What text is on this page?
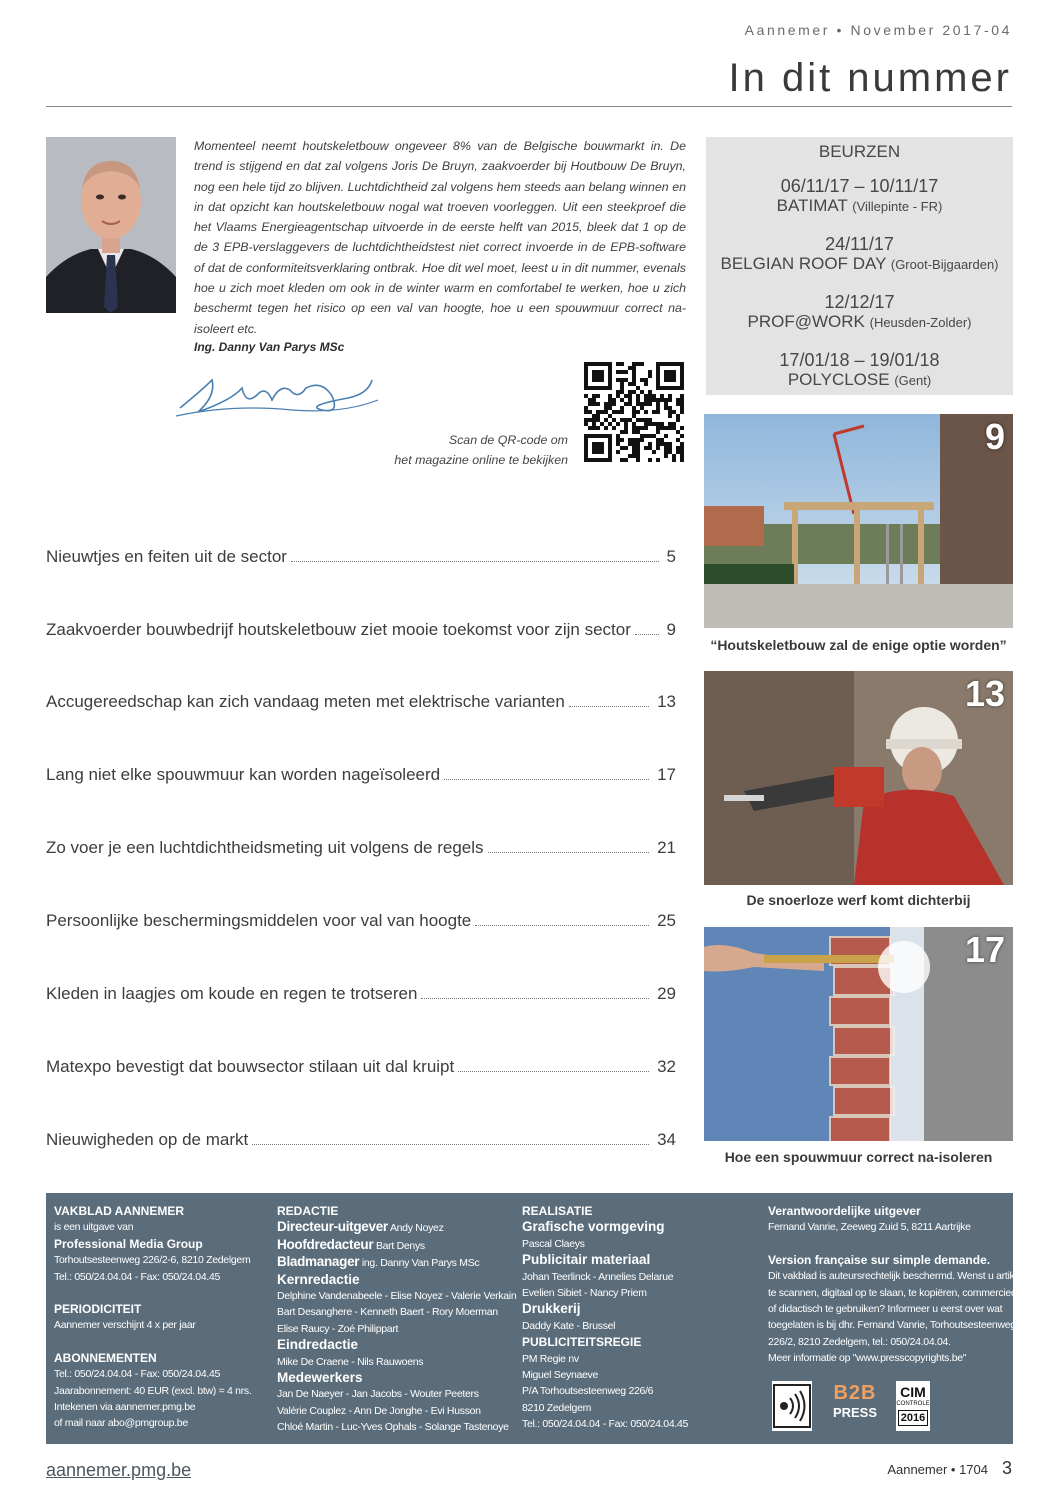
Aannemer • November 2017-04
In dit nummer
Momenteel neemt houtskeletbouw ongeveer 8% van de Belgische bouwmarkt in. De trend is stijgend en dat zal volgens Joris De Bruyn, zaakvoerder bij Houtbouw De Bruyn, nog een hele tijd zo blijven. Luchtdichtheid zal volgens hem steeds aan belang winnen en in dat opzicht kan houtskeletbouw nogal wat troeven voorleggen. Uit een steekproef die het Vlaams Energieagentschap uitvoerde in de eerste helft van 2015, bleek dat 1 op de de 3 EPB-verslaggevers de luchtdichtheidstest niet correct invoerde in de EPB-software of dat de conformiteitsverklaring ontbrak. Hoe dit wel moet, leest u in dit nummer, evenals hoe u zich moet kleden om ook in de winter warm en comfortabel te werken, hoe u zich beschermt tegen het risico op een val van hoogte, hoe u een spouwmuur correct na-isoleert etc.
Ing. Danny Van Parys MSc
Scan de QR-code om
het magazine online te bekijken
BEURZEN
06/11/17 – 10/11/17
BATIMAT (Villepinte - FR)
24/11/17
BELGIAN ROOF DAY (Groot-Bijgaarden)
12/12/17
PROF@WORK (Heusden-Zolder)
17/01/18 – 19/01/18
POLYCLOSE (Gent)
9
“Houtskeletbouw zal de enige optie worden”
13
De snoerloze werf komt dichterbij
17
Hoe een spouwmuur correct na-isoleren
Nieuwtjes en feiten uit de sector	5
Zaakvoerder bouwbedrijf houtskeletbouw ziet mooie toekomst voor zijn sector 9
Accugereedschap kan zich vandaag meten met elektrische varianten	13
Lang niet elke spouwmuur kan worden nageïsoleerd	17
Zo voer je een luchtdichtheidsmeting uit volgens de regels	21
Persoonlijke beschermingsmiddelen voor val van hoogte	25
Kleden in laagjes om koude en regen te trotseren	29
Matexpo bevestigt dat bouwsector stilaan uit dal kruipt	32
Nieuwigheden op de markt	34
VAKBLAD AANNEMER
is een uitgave van
Professional Media Group
Torhoutsesteenweg 226/2-6, 8210 Zedelgem
Tel.: 050/24.04.04 - Fax: 050/24.04.45
PERIODICITEIT
Aannemer verschijnt 4 x per jaar
ABONNEMENTEN
Tel.: 050/24.04.04 - Fax: 050/24.04.45
Jaarabonnement: 40 EUR (excl. btw) = 4 nrs.
Intekenen via aannemer.pmg.be
of mail naar abo@pmgroup.be
REDACTIE
Directeur-uitgever Andy Noyez
Hoofdredacteur Bart Denys
Bladmanager ing. Danny Van Parys MSc
Kernredactie
Delphine Vandenabeele - Elise Noyez - Valerie Verkain
Bart Desanghere - Kenneth Baert - Rory Moerman
Elise Raucy - Zoé Philippart
Eindredactie
Mike De Craene - Nils Rauwoens
Medewerkers
Jan De Naeyer - Jan Jacobs - Wouter Peeters
Valérie Couplez - Ann De Jonghe - Evi Husson
Chloé Martin - Luc-Yves Ophals - Solange Tastenoye
REALISATIE
Grafische vormgeving
Pascal Claeys
Publicitair materiaal
Johan Teerlinck - Annelies Delarue
Evelien Sibiet - Nancy Priem
Drukkerij
Daddy Kate - Brussel
PUBLICITEITSREGIE
PM Regie nv
Miguel Seynaeve
P/A Torhoutsesteenweg 226/6
8210 Zedelgem
Tel.: 050/24.04.04 - Fax: 050/24.04.45
Verantwoordelijke uitgever
Fernand Vanrie, Zeeweg Zuid 5, 8211 Aartrijke
Version française sur simple demande.
Dit vakblad is auteursrechtelijk beschermd. Wenst u artikels
te scannen, digitaal op te slaan, te kopiëren, commercieel
of didactisch te gebruiken? Informeer u eerst over wat
toegelaten is bij dhr. Fernand Vanrie, Torhoutsesteenweg
226/2, 8210 Zedelgem, tel.: 050/24.04.04.
Meer informatie op "www.presscopyrights.be"
B2B
PRESS
CIM
CONTROLE
2016
aannemer.pmg.be	Aannemer • 1704 3
